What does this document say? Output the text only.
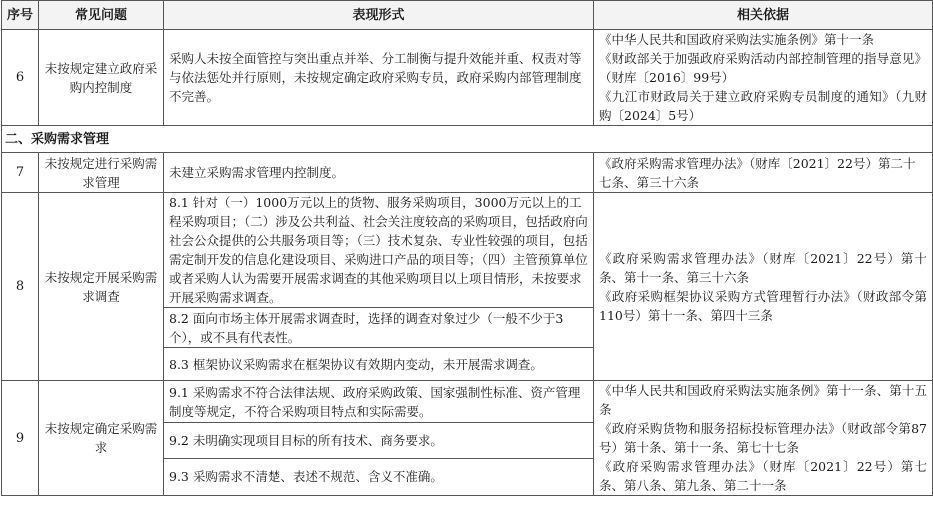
序号	常见问题	表现形式	相关依据
6	未按规定建立政府采购内控制度	采购人未按全面管控与突出重点并举、分工制衡与提升效能并重、权责对等与依法惩处并行原则，未按规定确定政府采购专员，政府采购内部管理制度不完善。	《中华人民共和国政府采购法实施条例》第十一条
《财政部关于加强政府采购活动内部控制管理的指导意见》（财库〔2016〕99号）
《九江市财政局关于建立政府采购专员制度的通知》（九财购〔2024〕5号）

二、采购需求管理			
7	未按规定进行采购需求管理	未建立采购需求管理内控制度。	《政府采购需求管理办法》（财库〔2021〕22号）第二十七条、第三十六条
8	未按规定开展采购需求调查	8.1 针对（一）1000万元以上的货物、服务采购项目，3000万元以上的工程采购项目；（二）涉及公共利益、社会关注度较高的采购项目，包括政府向社会公众提供的公共服务项目等；（三）技术复杂、专业性较强的项目，包括需定制开发的信息化建设项目、采购进口产品的项目等；（四）主管预算单位或者采购人认为需要开展需求调查的其他采购项目以上项目情形，未按要求开展采购需求调查。	《政府采购需求管理办法》（财库〔2021〕22号）第十条、第十一条、第三十六条
《政府采购框架协议采购方式管理暂行办法》（财政部令第110号）第十一条、第四十三条

		8.2 面向市场主体开展需求调查时，选择的调查对象过少（一般不少于3个），或不具有代表性。	
		8.3 框架协议采购需求在框架协议有效期内变动，未开展需求调查。	
9	未按规定确定采购需求	9.1 采购需求不符合法律法规、政府采购政策、国家强制性标准、资产管理制度等规定，不符合采购项目特点和实际需要。	《中华人民共和国政府采购法实施条例》第十一条、第十五条
《政府采购货物和服务招标投标管理办法》（财政部令第87号）第十条、第十一条、第七十七条
《政府采购需求管理办法》（财库〔2021〕22号）第七条、第八条、第九条、第二十一条

		9.2 未明确实现项目目标的所有技术、商务要求。	
		9.3 采购需求不清楚、表述不规范、含义不准确。	
